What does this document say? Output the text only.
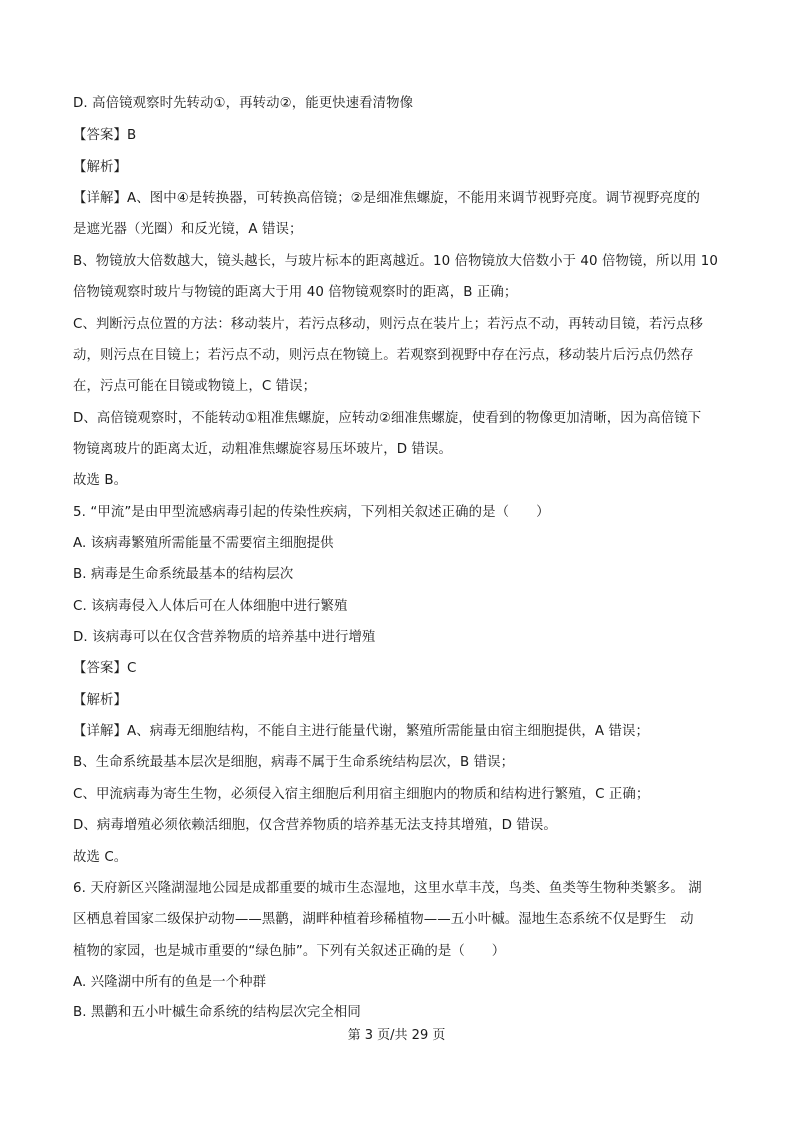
D. 高倍镜观察时先转动①，再转动②，能更快速看清物像
【答案】B
【解析】
【详解】A、图中④是转换器，可转换高倍镜；②是细准焦螺旋，不能用来调节视野亮度。调节视野亮度的
是遮光器（光圈）和反光镜，A 错误；
B、物镜放大倍数越大，镜头越长，与玻片标本的距离越近。10 倍物镜放大倍数小于 40 倍物镜，所以用 10
倍物镜观察时玻片与物镜的距离大于用 40 倍物镜观察时的距离，B 正确；
C、判断污点位置的方法：移动装片，若污点移动，则污点在装片上；若污点不动，再转动目镜，若污点移
动，则污点在目镜上；若污点不动，则污点在物镜上。若观察到视野中存在污点，移动装片后污点仍然存
在，污点可能在目镜或物镜上，C 错误；
D、高倍镜观察时，不能转动①粗准焦螺旋，应转动②细准焦螺旋，使看到的物像更加清晰，因为高倍镜下
物镜离玻片的距离太近，动粗准焦螺旋容易压坏玻片，D 错误。
故选 B。
5. “甲流”是由甲型流感病毒引起的传染性疾病，下列相关叙述正确的是（　　）
A. 该病毒繁殖所需能量不需要宿主细胞提供
B. 病毒是生命系统最基本的结构层次
C. 该病毒侵入人体后可在人体细胞中进行繁殖
D. 该病毒可以在仅含营养物质的培养基中进行增殖
【答案】C
【解析】
【详解】A、病毒无细胞结构，不能自主进行能量代谢，繁殖所需能量由宿主细胞提供，A 错误；
B、生命系统最基本层次是细胞，病毒不属于生命系统结构层次，B 错误；
C、甲流病毒为寄生生物，必须侵入宿主细胞后利用宿主细胞内的物质和结构进行繁殖，C 正确；
D、病毒增殖必须依赖活细胞，仅含营养物质的培养基无法支持其增殖，D 错误。
故选 C。
6. 天府新区兴隆湖湿地公园是成都重要的城市生态湿地，这里水草丰茂，鸟类、鱼类等生物种类繁多。 湖
区栖息着国家二级保护动物——黑鹳，湖畔种植着珍稀植物——五小叶槭。湿地生态系统不仅是野生　动
植物的家园，也是城市重要的“绿色肺”。下列有关叙述正确的是（　　）
A. 兴隆湖中所有的鱼是一个种群
B. 黑鹳和五小叶槭生命系统的结构层次完全相同
第 3 页/共 29 页
